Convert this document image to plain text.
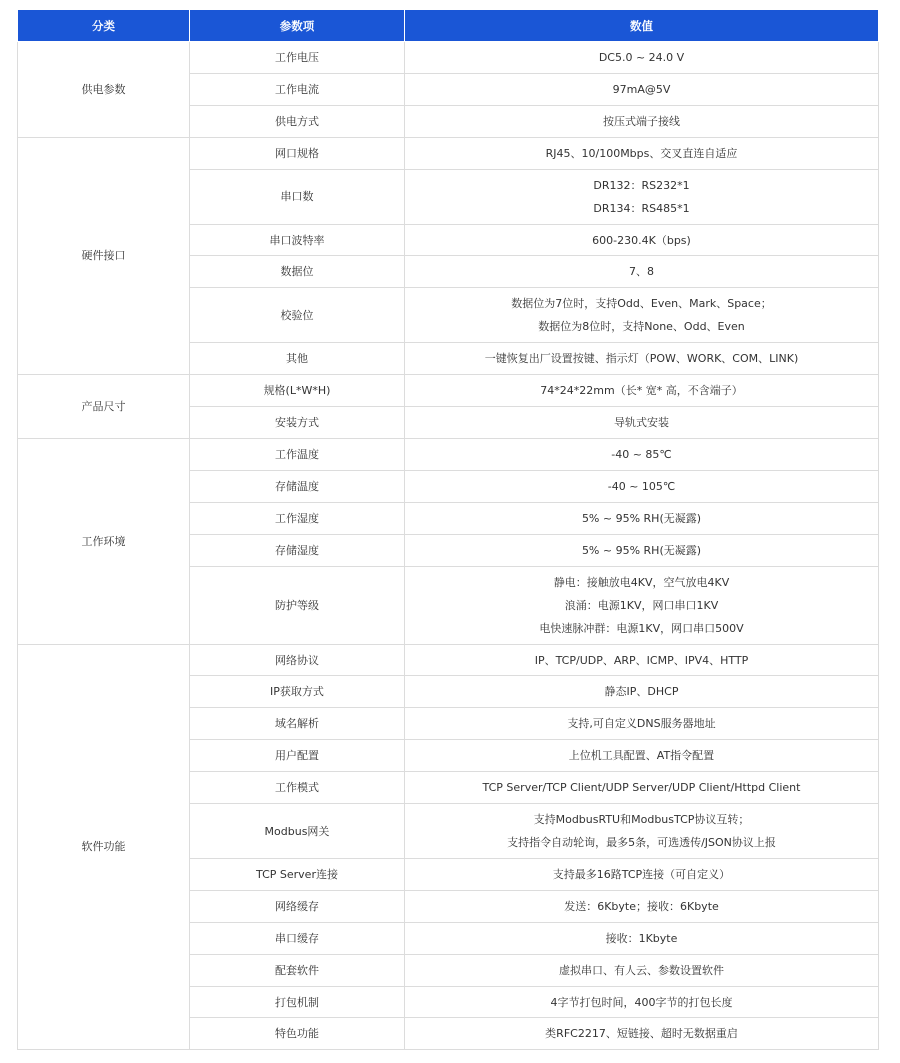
分类	参数项	数值
供电参数	工作电压	DC5.0 ~ 24.0 V

	工作电流	97mA@5V

	供电方式	按压式端子接线

硬件接口	网口规格	RJ45、10/100Mbps、交叉直连自适应

	串口数	DR132：RS232*1
DR134：RS485*1

	串口波特率	600-230.4K（bps)

	数据位	7、8

	校验位	数据位为7位时，支持Odd、Even、Mark、Space；
数据位为8位时，支持None、Odd、Even

	其他	一键恢复出厂设置按键、指示灯（POW、WORK、COM、LINK)

产品尺寸	规格(L*W*H)	74*24*22mm（长* 宽* 高，不含端子）

	安装方式	导轨式安装

工作环境	工作温度	-40 ~ 85℃

	存储温度	-40 ~ 105℃

	工作湿度	5% ~ 95% RH(无凝露)

	存储湿度	5% ~ 95% RH(无凝露)

	防护等级	静电：接触放电4KV，空气放电4KV
浪涌：电源1KV，网口串口1KV
电快速脉冲群：电源1KV，网口串口500V

软件功能	网络协议	IP、TCP/UDP、ARP、ICMP、IPV4、HTTP

	IP获取方式	静态IP、DHCP

	域名解析	支持,可自定义DNS服务器地址

	用户配置	上位机工具配置、AT指令配置

	工作模式	TCP Server/TCP Client/UDP Server/UDP Client/Httpd Client

	Modbus网关	支持ModbusRTU和ModbusTCP协议互转；
支持指令自动轮询，最多5条，可选透传/JSON协议上报

	TCP Server连接	支持最多16路TCP连接（可自定义）

	网络缓存	发送：6Kbyte；接收：6Kbyte

	串口缓存	接收：1Kbyte

	配套软件	虚拟串口、有人云、参数设置软件

	打包机制	4字节打包时间，400字节的打包长度

	特色功能	类RFC2217、短链接、超时无数据重启
